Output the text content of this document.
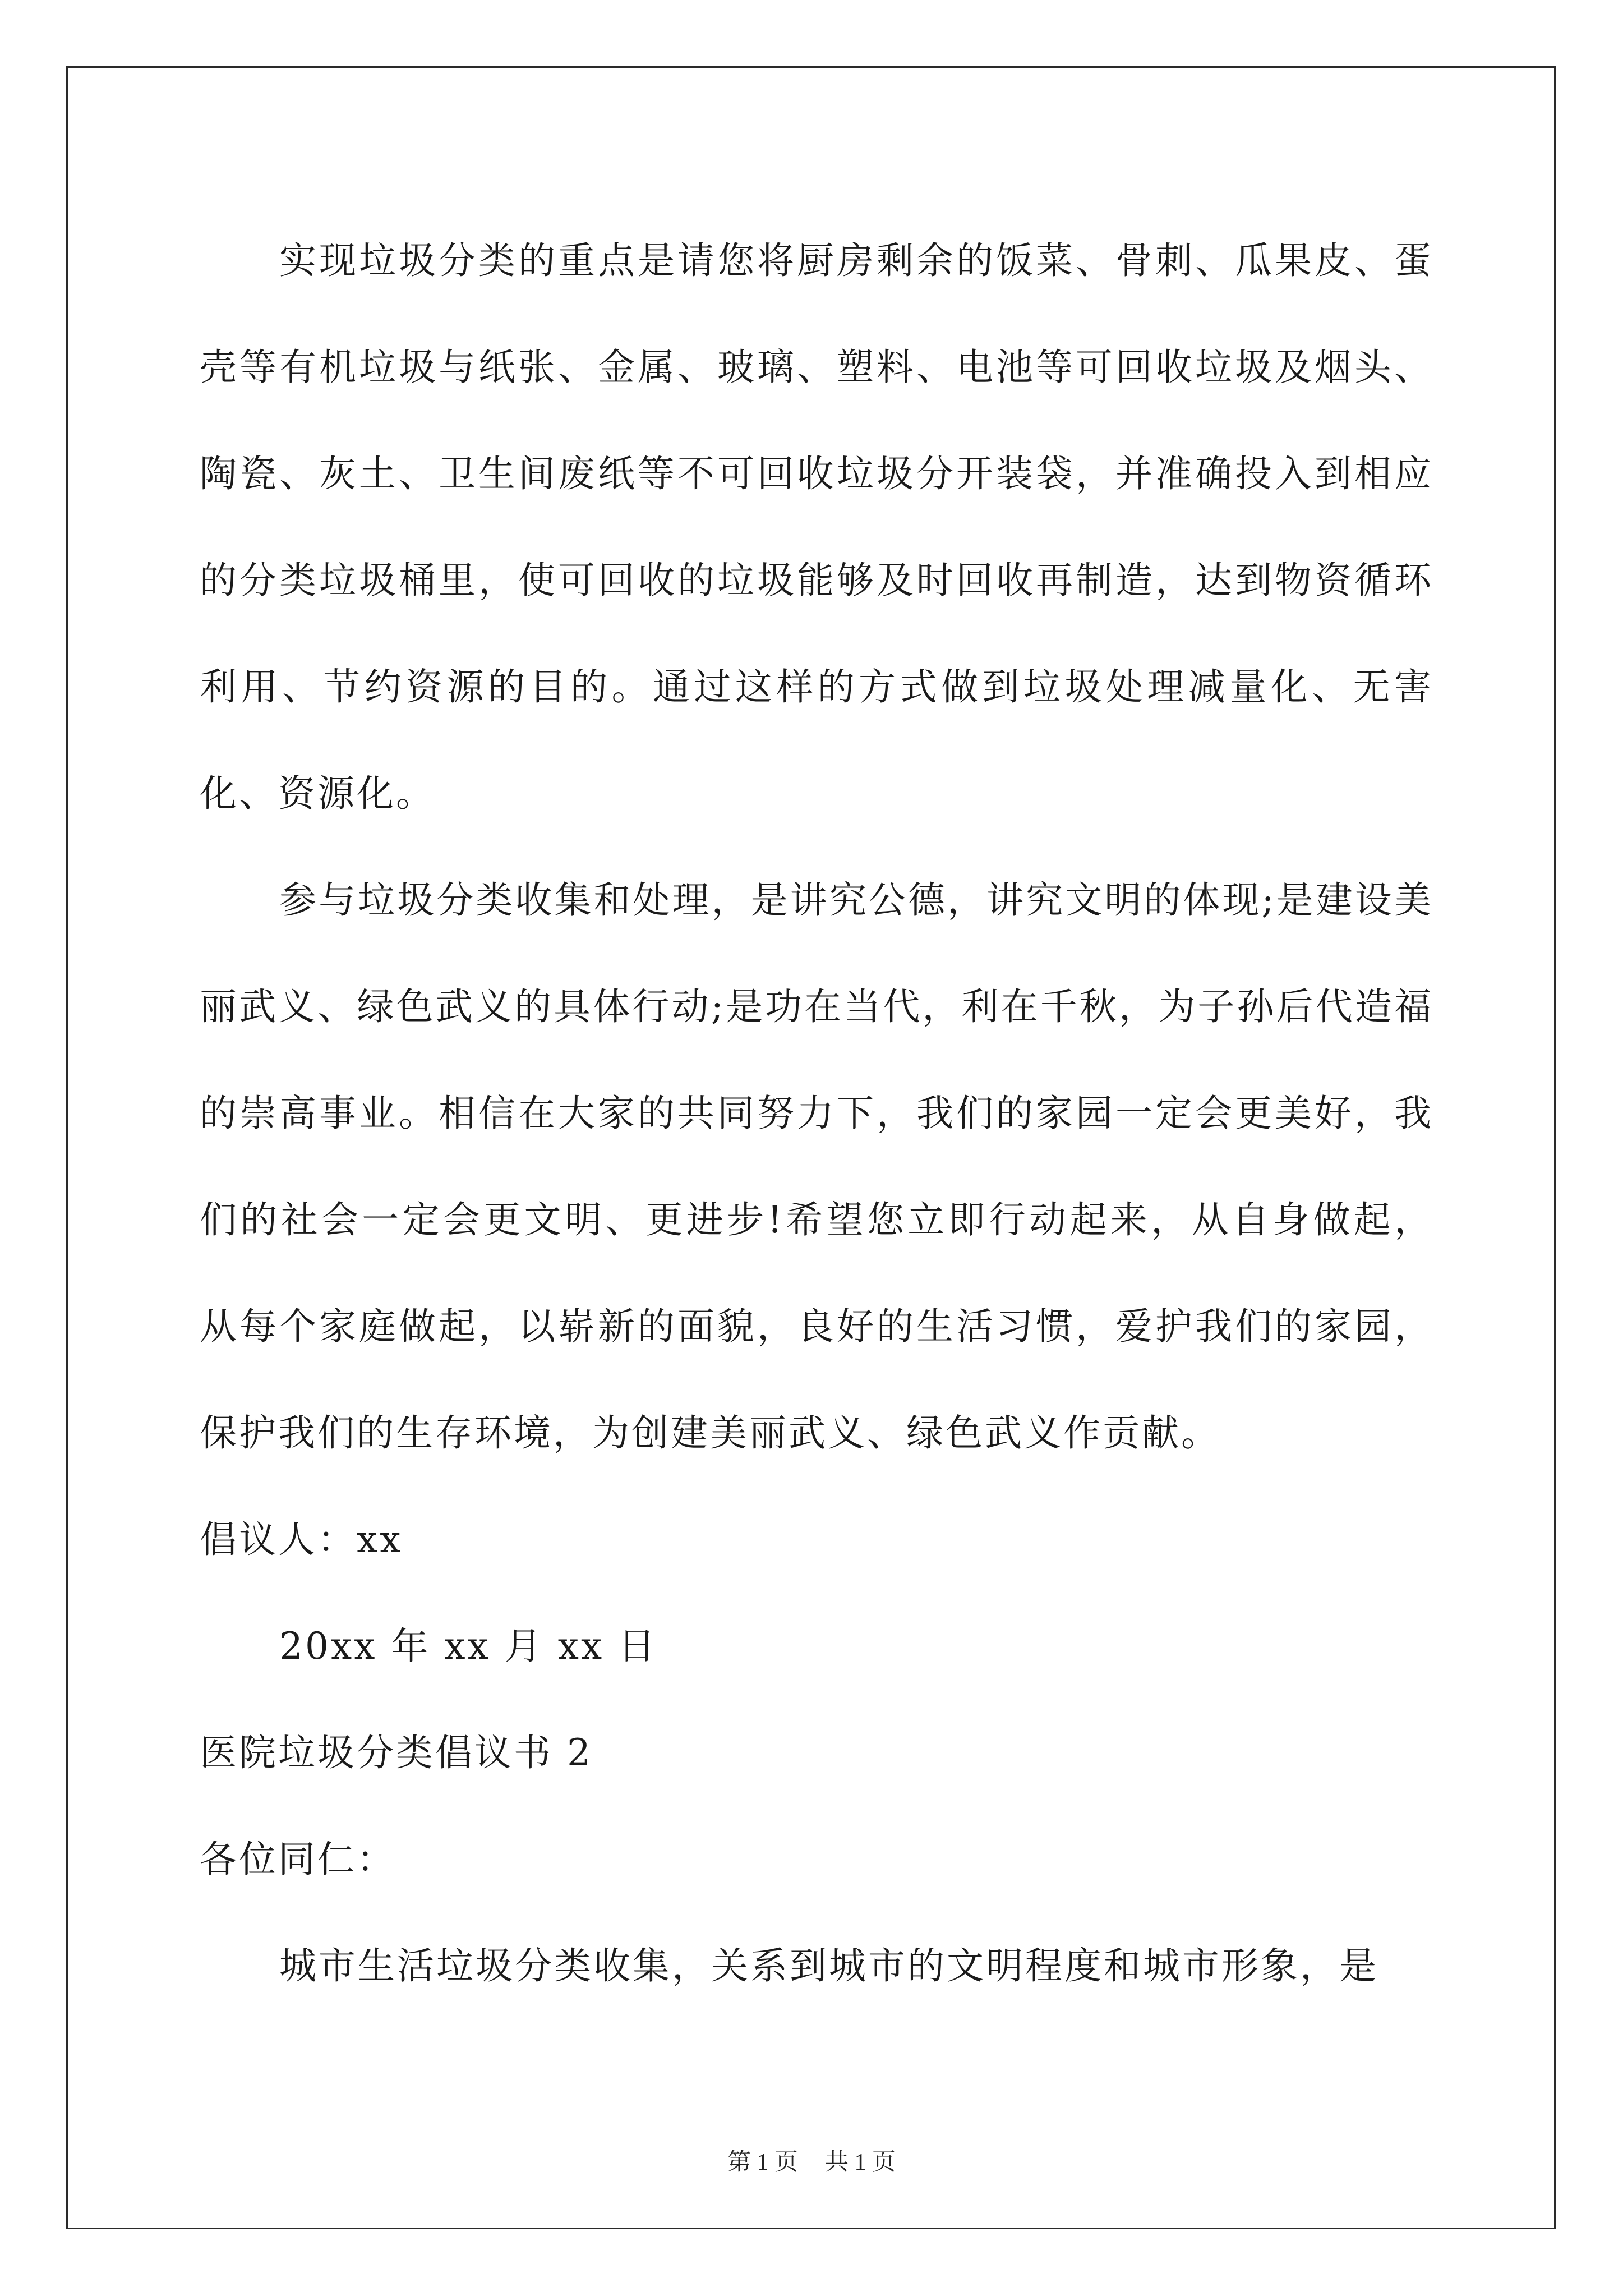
实现垃圾分类的重点是请您将厨房剩余的饭菜、骨刺、瓜果皮、蛋壳等有机垃圾与纸张、金属、玻璃、塑料、电池等可回收垃圾及烟头、陶瓷、灰土、卫生间废纸等不可回收垃圾分开装袋，并准确投入到相应的分类垃圾桶里，使可回收的垃圾能够及时回收再制造，达到物资循环利用、节约资源的目的。通过这样的方式做到垃圾处理减量化、无害化、资源化。

参与垃圾分类收集和处理，是讲究公德，讲究文明的体现;是建设美丽武义、绿色武义的具体行动;是功在当代，利在千秋，为子孙后代造福的崇高事业。相信在大家的共同努力下，我们的家园一定会更美好，我们的社会一定会更文明、更进步!希望您立即行动起来，从自身做起，从每个家庭做起，以崭新的面貌，良好的生活习惯，爱护我们的家园，保护我们的生存环境，为创建美丽武义、绿色武义作贡献。

倡议人：xx

20xx 年 xx 月 xx 日

医院垃圾分类倡议书 2

各位同仁：

城市生活垃圾分类收集，关系到城市的文明程度和城市形象，是

第 1 页 共 1 页
